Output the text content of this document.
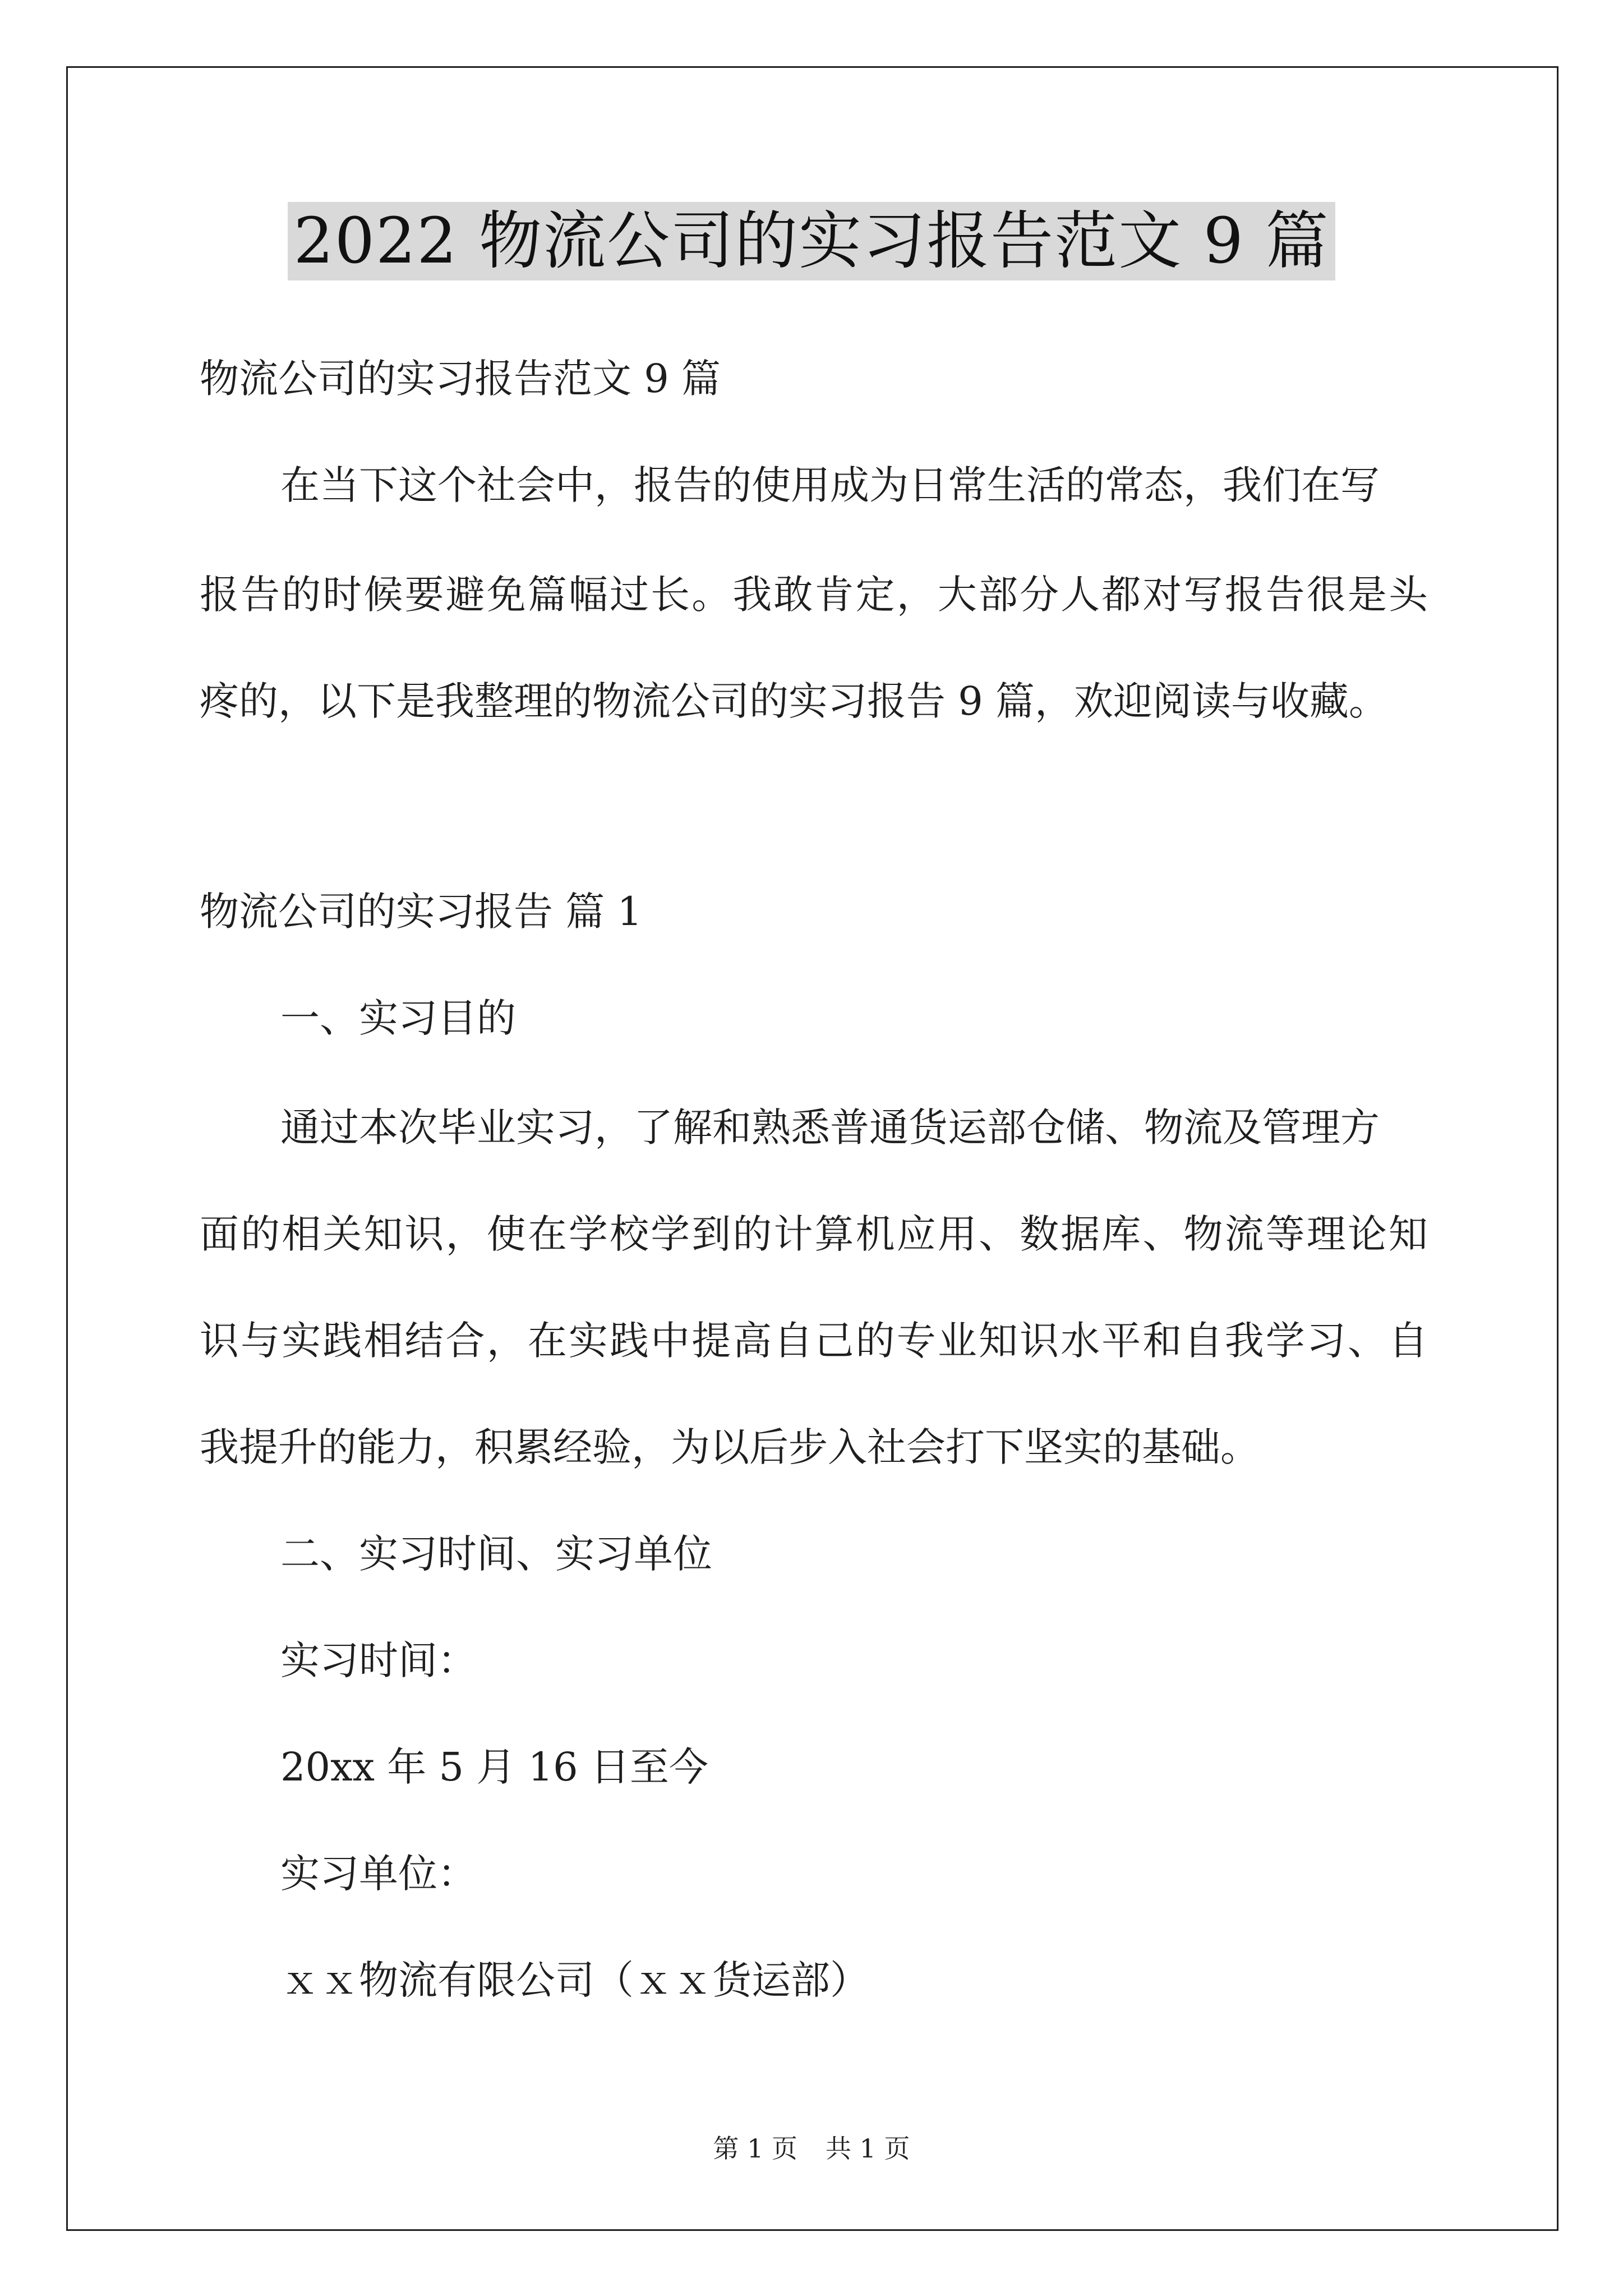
2022 物流公司的实习报告范文 9 篇
物流公司的实习报告范文 9 篇
在当下这个社会中，报告的使用成为日常生活的常态，我们在写
报告的时候要避免篇幅过长。我敢肯定，大部分人都对写报告很是头
疼的，以下是我整理的物流公司的实习报告 9 篇，欢迎阅读与收藏。
物流公司的实习报告 篇 1
一、实习目的
通过本次毕业实习，了解和熟悉普通货运部仓储、物流及管理方
面的相关知识，使在学校学到的计算机应用、数据库、物流等理论知
识与实践相结合，在实践中提高自己的专业知识水平和自我学习、自
我提升的能力，积累经验，为以后步入社会打下坚实的基础。
二、实习时间、实习单位
实习时间：
20xx 年 5 月 16 日至今
实习单位：
ｘｘ物流有限公司（ｘｘ货运部）
第 1 页 共 1 页
